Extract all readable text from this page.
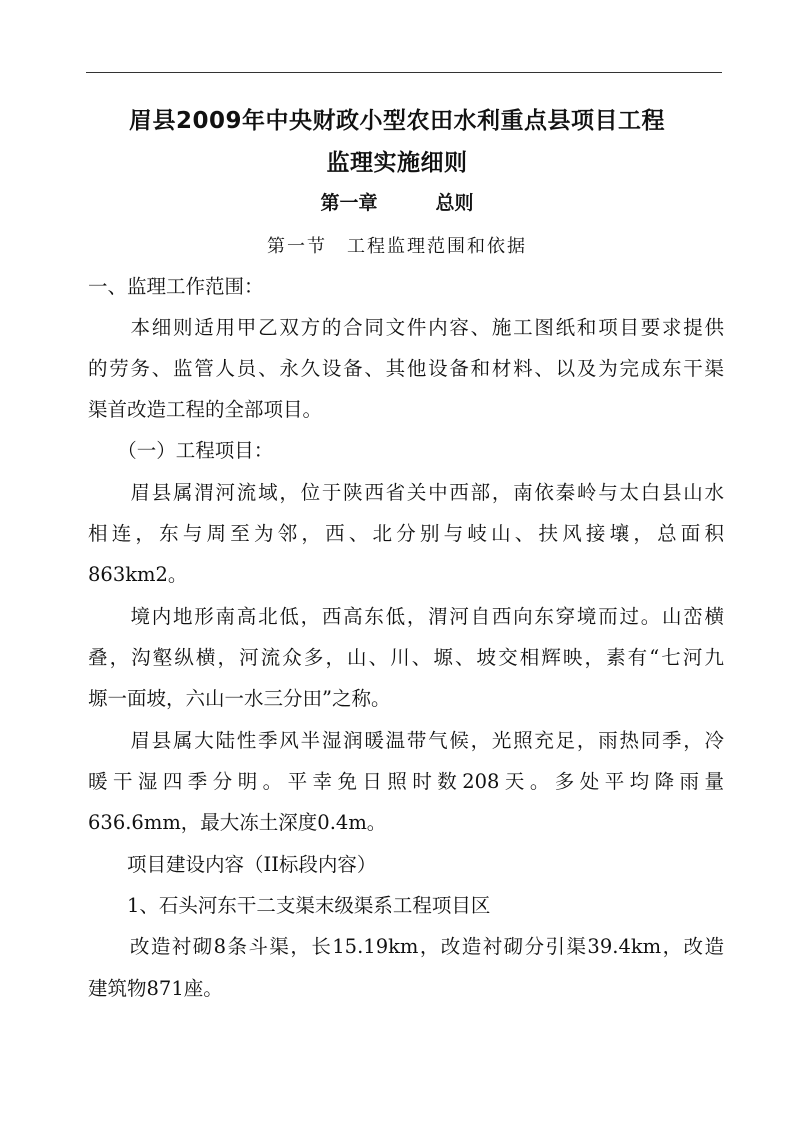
眉县2009年中央财政小型农田水利重点县项目工程
监理实施细则
第一章	总则
第一节 工程监理范围和依据
一、监理工作范围：
　　本细则适用甲乙双方的合同文件内容、施工图纸和项目要求提供
的劳务、监管人员、永久设备、其他设备和材料、以及为完成东干渠
渠首改造工程的全部项目。
　　（一）工程项目：
　　眉县属渭河流域，位于陕西省关中西部，南依秦岭与太白县山水
相连，东与周至为邻，西、北分别与岐山、扶风接壤，总面积
863km2。
　　境内地形南高北低，西高东低，渭河自西向东穿境而过。山峦横
叠，沟壑纵横，河流众多，山、川、塬、坡交相辉映，素有“七河九
塬一面坡，六山一水三分田”之称。
　　眉县属大陆性季风半湿润暖温带气候，光照充足，雨热同季，冷
暖干湿四季分明。平幸免日照时数208天。多处平均降雨量
636.6mm，最大冻土深度0.4m。
　　项目建设内容（II标段内容）
　　1、石头河东干二支渠末级渠系工程项目区
　　改造衬砌8条斗渠，长15.19km，改造衬砌分引渠39.4km，改造
建筑物871座。
